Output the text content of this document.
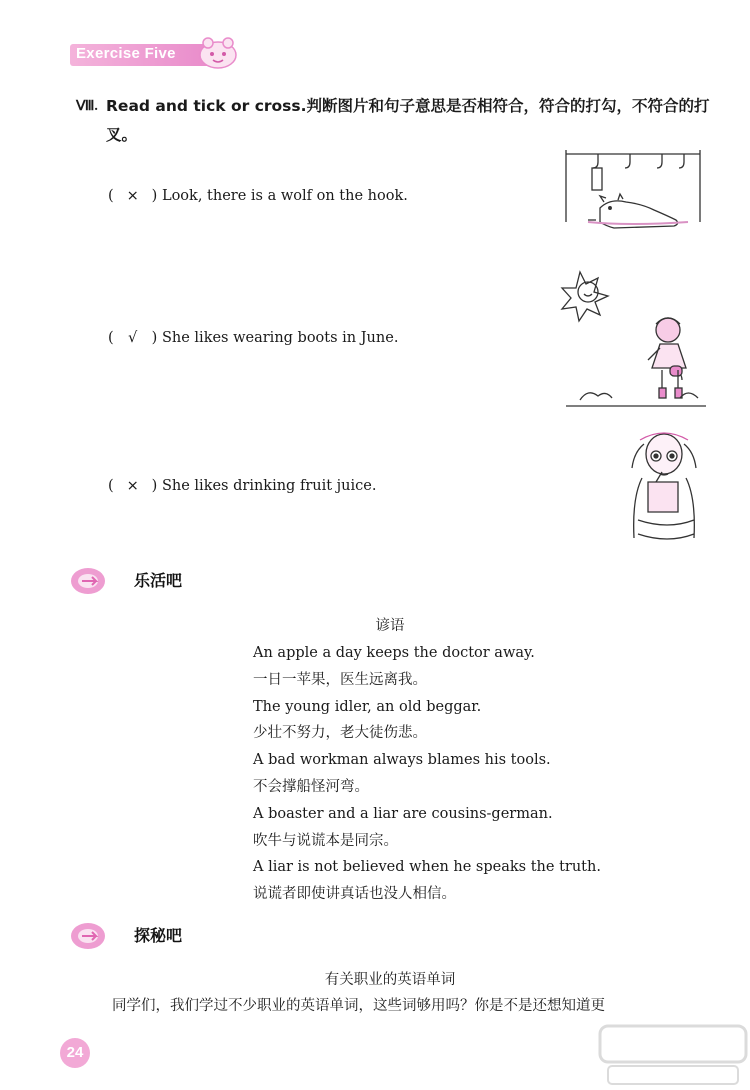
Exercise Five
Ⅷ. Read and tick or cross.判断图片和句子意思是否相符合，符合的打勾，不符合的打叉。
( × ) Look, there is a wolf on the hook.
( √ ) She likes wearing boots in June.
( × ) She likes drinking fruit juice.
乐活吧
谚语
An apple a day keeps the doctor away.
一日一苹果，医生远离我。
The young idler, an old beggar.
少壮不努力，老大徒伤悲。
A bad workman always blames his tools.
不会撑船怪河弯。
A boaster and a liar are cousins-german.
吹牛与说谎本是同宗。
A liar is not believed when he speaks the truth.
说谎者即使讲真话也没人相信。
探秘吧
有关职业的英语单词
同学们，我们学过不少职业的英语单词，这些词够用吗？你是不是还想知道更
24
